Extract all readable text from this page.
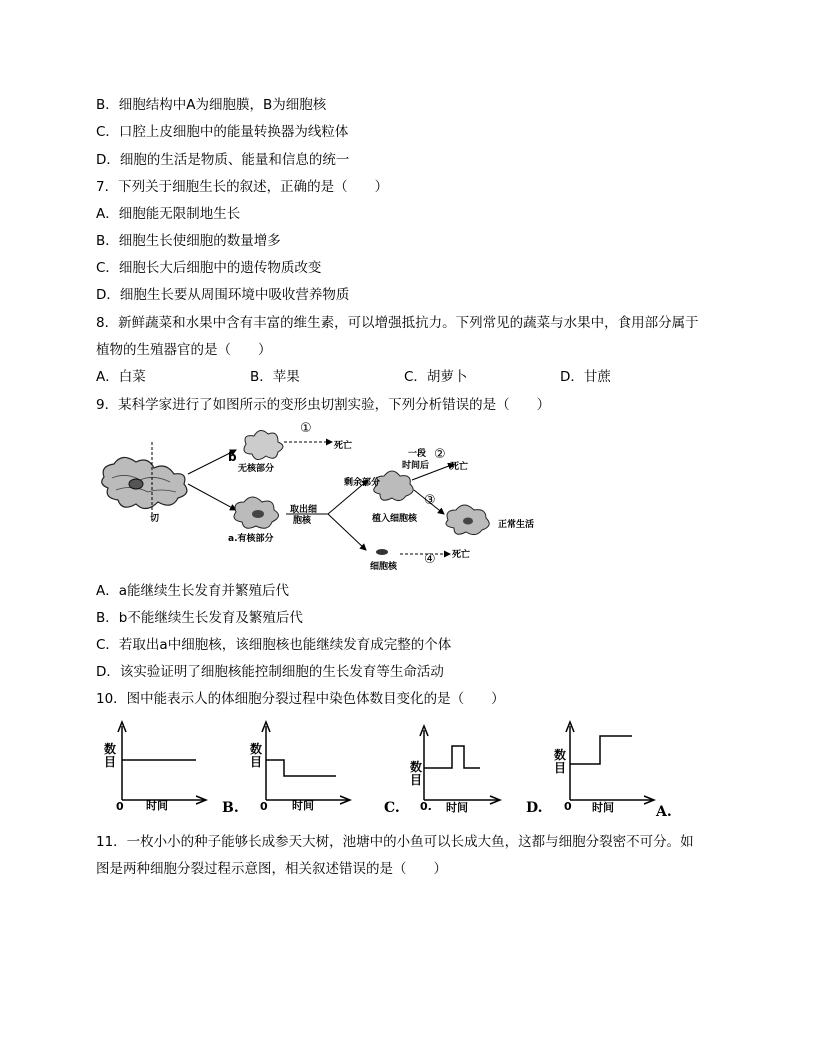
B．细胞结构中A为细胞膜，B为细胞核
C．口腔上皮细胞中的能量转换器为线粒体
D．细胞的生活是物质、能量和信息的统一
7．下列关于细胞生长的叙述，正确的是（　　）
A．细胞能无限制地生长
B．细胞生长使细胞的数量增多
C．细胞长大后细胞中的遗传物质改变
D．细胞生长要从周围环境中吸收营养物质
8．新鲜蔬菜和水果中含有丰富的维生素，可以增强抵抗力。下列常见的蔬菜与水果中，食用部分属于
植物的生殖器官的是（　　）
A．白菜	B．苹果	C．胡萝卜	D．甘蔗
9．某科学家进行了如图所示的变形虫切割实验，下列分析错误的是（　　）
切
b
无核部分
①
死亡
a.有核部分
取出细
胞核
剩余部分
一段
时间后
②
死亡
③
植入细胞核
正常生活
细胞核 ④ 死亡
A．a能继续生长发育并繁殖后代
B．b不能继续生长发育及繁殖后代
C．若取出a中细胞核，该细胞核也能继续发育成完整的个体
D．该实验证明了细胞核能控制细胞的生长发育等生命活动
10．图中能表示人的体细胞分裂过程中染色体数目变化的是（　　）
数
目
0 时间
数
目
0 时间
B.
数
目
0. 时间
C.
数
目
0 时间
D.	A.
11．一枚小小的种子能够长成参天大树，池塘中的小鱼可以长成大鱼，这都与细胞分裂密不可分。如
图是两种细胞分裂过程示意图，相关叙述错误的是（　　）
